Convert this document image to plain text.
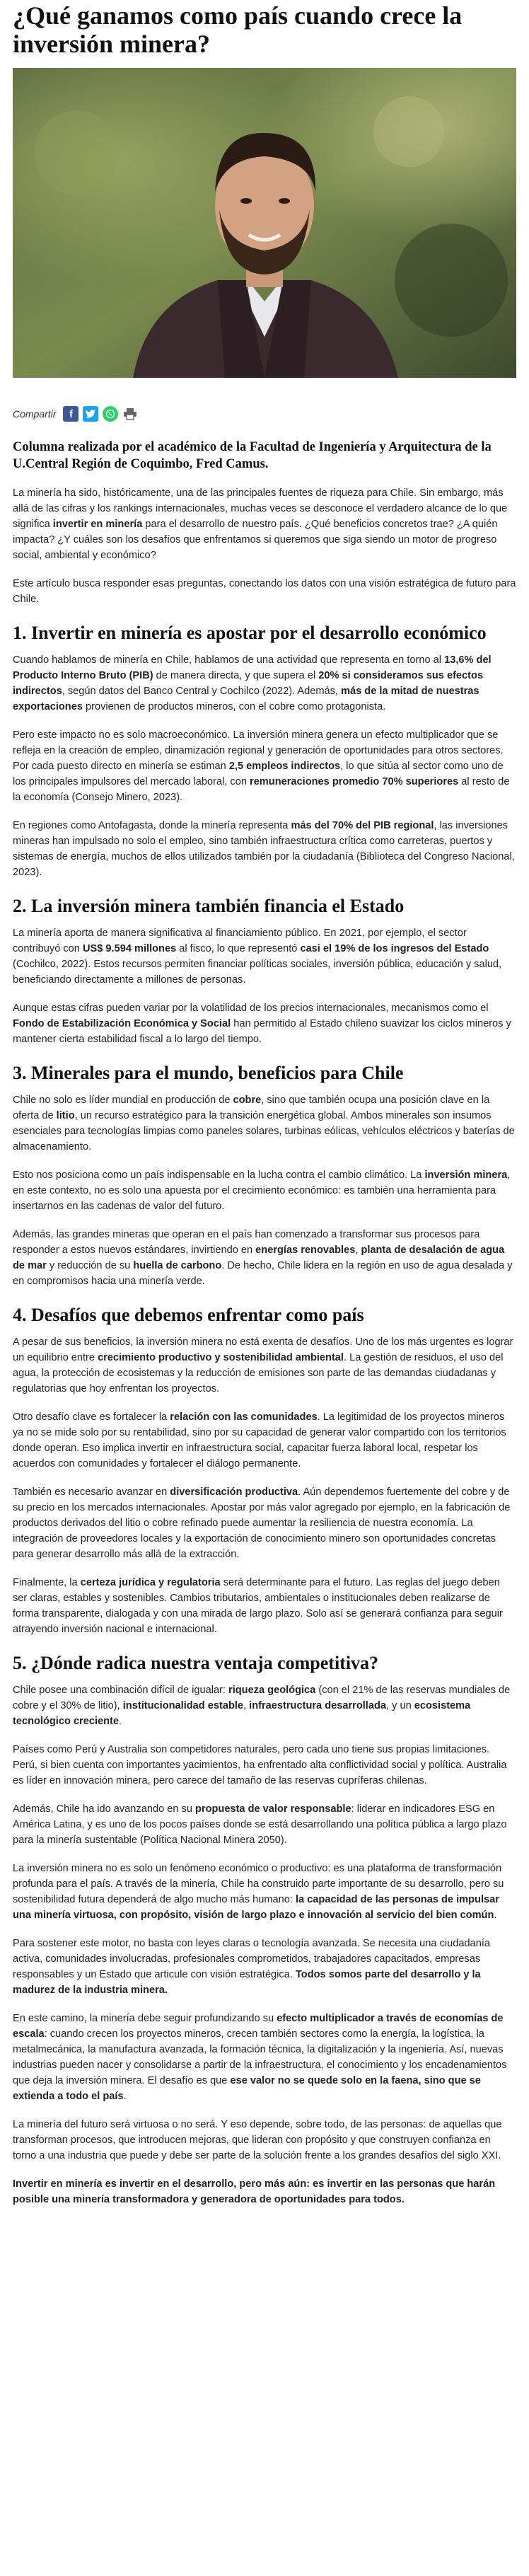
¿Qué ganamos como país cuando crece la inversión minera?
Compartir	f
Columna realizada por el académico de la Facultad de Ingeniería y Arquitectura de la U.Central Región de Coquimbo, Fred Camus.

La minería ha sido, históricamente, una de las principales fuentes de riqueza para Chile. Sin embargo, más allá de las cifras y los rankings internacionales, muchas veces se desconoce el verdadero alcance de lo que significa invertir en minería para el desarrollo de nuestro país. ¿Qué beneficios concretos trae? ¿A quién impacta? ¿Y cuáles son los desafíos que enfrentamos si queremos que siga siendo un motor de progreso social, ambiental y económico?

Este artículo busca responder esas preguntas, conectando los datos con una visión estratégica de futuro para Chile.

1. Invertir en minería es apostar por el desarrollo económico

Cuando hablamos de minería en Chile, hablamos de una actividad que representa en torno al 13,6% del Producto Interno Bruto (PIB) de manera directa, y que supera el 20% si consideramos sus efectos indirectos, según datos del Banco Central y Cochilco (2022). Además, más de la mitad de nuestras exportaciones provienen de productos mineros, con el cobre como protagonista.

Pero este impacto no es solo macroeconómico. La inversión minera genera un efecto multiplicador que se refleja en la creación de empleo, dinamización regional y generación de oportunidades para otros sectores. Por cada puesto directo en minería se estiman 2,5 empleos indirectos, lo que sitúa al sector como uno de los principales impulsores del mercado laboral, con remuneraciones promedio 70% superiores al resto de la economía (Consejo Minero, 2023).

En regiones como Antofagasta, donde la minería representa más del 70% del PIB regional, las inversiones mineras han impulsado no solo el empleo, sino también infraestructura crítica como carreteras, puertos y sistemas de energía, muchos de ellos utilizados también por la ciudadanía (Biblioteca del Congreso Nacional, 2023).

2. La inversión minera también financia el Estado

La minería aporta de manera significativa al financiamiento público. En 2021, por ejemplo, el sector contribuyó con US$ 9.594 millones al fisco, lo que representó casi el 19% de los ingresos del Estado (Cochilco, 2022). Estos recursos permiten financiar políticas sociales, inversión pública, educación y salud, beneficiando directamente a millones de personas.

Aunque estas cifras pueden variar por la volatilidad de los precios internacionales, mecanismos como el Fondo de Estabilización Económica y Social han permitido al Estado chileno suavizar los ciclos mineros y mantener cierta estabilidad fiscal a lo largo del tiempo.

3. Minerales para el mundo, beneficios para Chile

Chile no solo es líder mundial en producción de cobre, sino que también ocupa una posición clave en la oferta de litio, un recurso estratégico para la transición energética global. Ambos minerales son insumos esenciales para tecnologías limpias como paneles solares, turbinas eólicas, vehículos eléctricos y baterías de almacenamiento.

Esto nos posiciona como un país indispensable en la lucha contra el cambio climático. La inversión minera, en este contexto, no es solo una apuesta por el crecimiento económico: es también una herramienta para insertarnos en las cadenas de valor del futuro.

Además, las grandes mineras que operan en el país han comenzado a transformar sus procesos para responder a estos nuevos estándares, invirtiendo en energías renovables, planta de desalación de agua de mar y reducción de su huella de carbono. De hecho, Chile lidera en la región en uso de agua desalada y en compromisos hacia una minería verde.

4. Desafíos que debemos enfrentar como país

A pesar de sus beneficios, la inversión minera no está exenta de desafíos. Uno de los más urgentes es lograr un equilibrio entre crecimiento productivo y sostenibilidad ambiental. La gestión de residuos, el uso del agua, la protección de ecosistemas y la reducción de emisiones son parte de las demandas ciudadanas y regulatorias que hoy enfrentan los proyectos.

Otro desafío clave es fortalecer la relación con las comunidades. La legitimidad de los proyectos mineros ya no se mide solo por su rentabilidad, sino por su capacidad de generar valor compartido con los territorios donde operan. Eso implica invertir en infraestructura social, capacitar fuerza laboral local, respetar los acuerdos con comunidades y fortalecer el diálogo permanente.

También es necesario avanzar en diversificación productiva. Aún dependemos fuertemente del cobre y de su precio en los mercados internacionales. Apostar por más valor agregado por ejemplo, en la fabricación de productos derivados del litio o cobre refinado puede aumentar la resiliencia de nuestra economía. La integración de proveedores locales y la exportación de conocimiento minero son oportunidades concretas para generar desarrollo más allá de la extracción.

Finalmente, la certeza jurídica y regulatoria será determinante para el futuro. Las reglas del juego deben ser claras, estables y sostenibles. Cambios tributarios, ambientales o institucionales deben realizarse de forma transparente, dialogada y con una mirada de largo plazo. Solo así se generará confianza para seguir atrayendo inversión nacional e internacional.

5. ¿Dónde radica nuestra ventaja competitiva?

Chile posee una combinación difícil de igualar: riqueza geológica (con el 21% de las reservas mundiales de cobre y el 30% de litio), institucionalidad estable, infraestructura desarrollada, y un ecosistema tecnológico creciente.

Países como Perú y Australia son competidores naturales, pero cada uno tiene sus propias limitaciones. Perú, si bien cuenta con importantes yacimientos, ha enfrentado alta conflictividad social y política. Australia es líder en innovación minera, pero carece del tamaño de las reservas cupríferas chilenas.

Además, Chile ha ido avanzando en su propuesta de valor responsable: liderar en indicadores ESG en América Latina, y es uno de los pocos países donde se está desarrollando una política pública a largo plazo para la minería sustentable (Política Nacional Minera 2050).

La inversión minera no es solo un fenómeno económico o productivo: es una plataforma de transformación profunda para el país. A través de la minería, Chile ha construido parte importante de su desarrollo, pero su sostenibilidad futura dependerá de algo mucho más humano: la capacidad de las personas de impulsar una minería virtuosa, con propósito, visión de largo plazo e innovación al servicio del bien común.

Para sostener este motor, no basta con leyes claras o tecnología avanzada. Se necesita una ciudadanía activa, comunidades involucradas, profesionales comprometidos, trabajadores capacitados, empresas responsables y un Estado que articule con visión estratégica. Todos somos parte del desarrollo y la madurez de la industria minera.

En este camino, la minería debe seguir profundizando su efecto multiplicador a través de economías de escala: cuando crecen los proyectos mineros, crecen también sectores como la energía, la logística, la metalmecánica, la manufactura avanzada, la formación técnica, la digitalización y la ingeniería. Así, nuevas industrias pueden nacer y consolidarse a partir de la infraestructura, el conocimiento y los encadenamientos que deja la inversión minera. El desafío es que ese valor no se quede solo en la faena, sino que se extienda a todo el país.

La minería del futuro será virtuosa o no será. Y eso depende, sobre todo, de las personas: de aquellas que transforman procesos, que introducen mejoras, que lideran con propósito y que construyen confianza en torno a una industria que puede y debe ser parte de la solución frente a los grandes desafíos del siglo XXI.

Invertir en minería es invertir en el desarrollo, pero más aún: es invertir en las personas que harán posible una minería transformadora y generadora de oportunidades para todos.
